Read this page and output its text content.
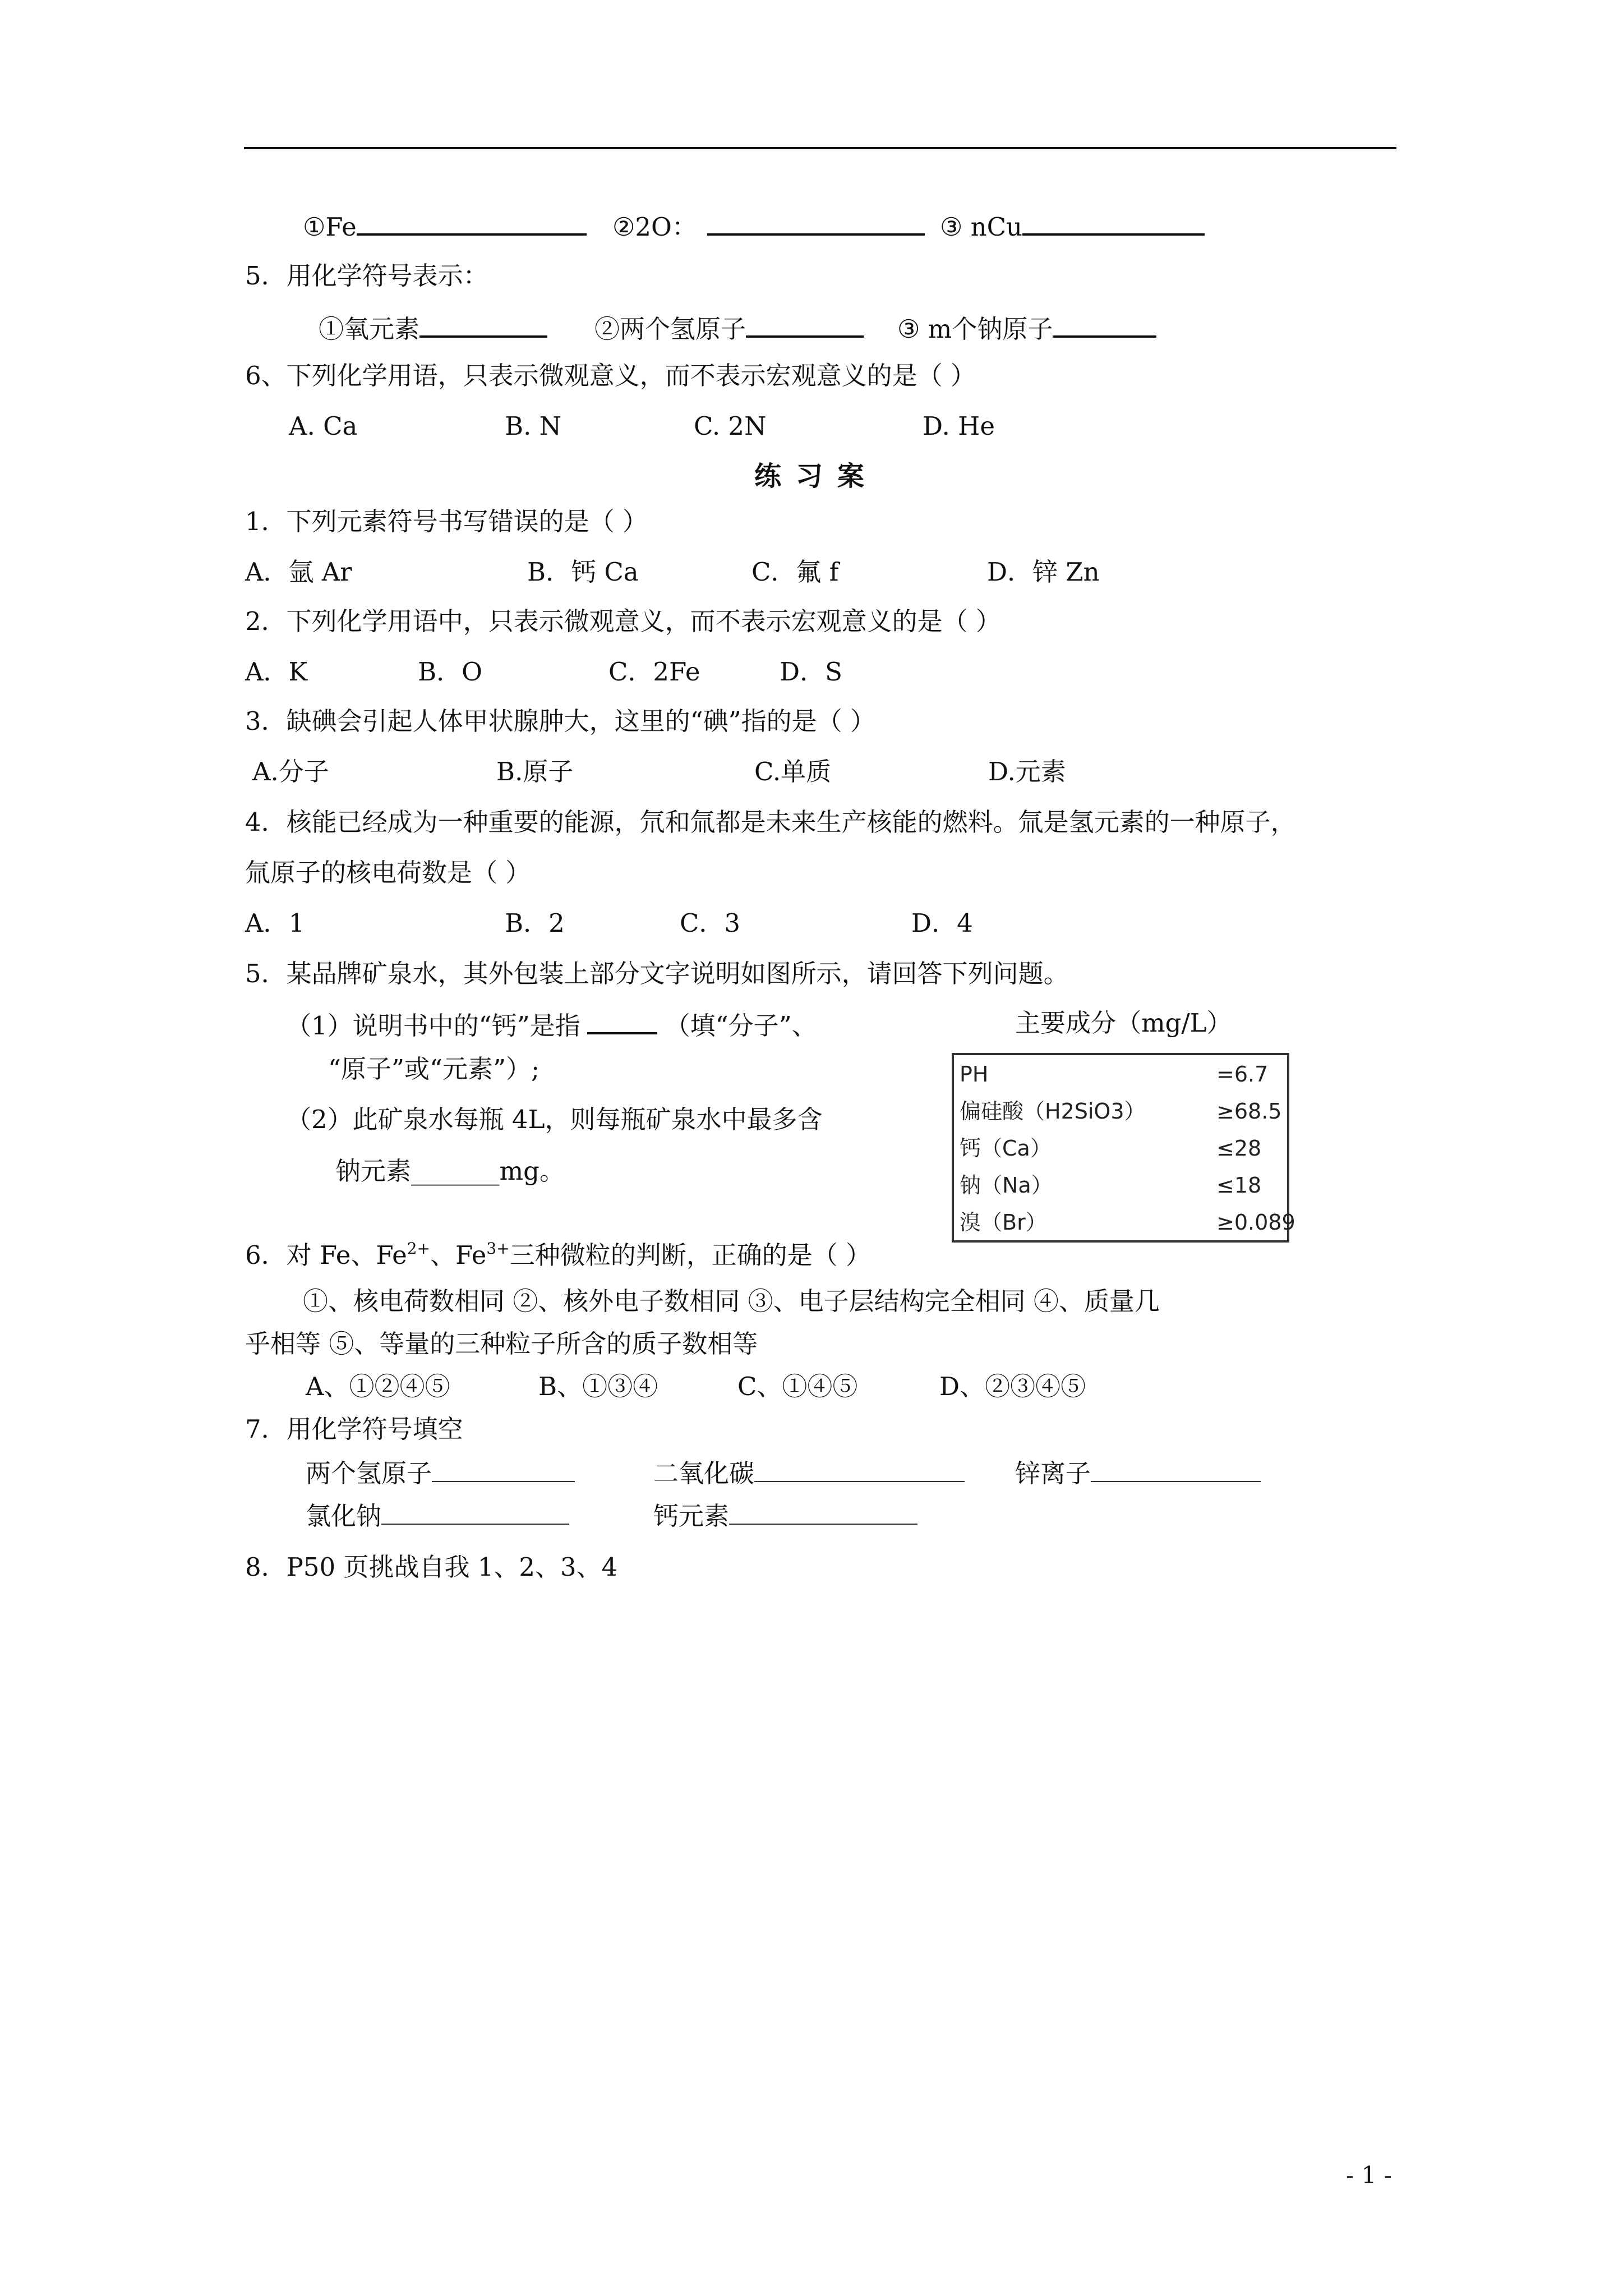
①Fe	②2O：	③ nCu
5．用化学符号表示：
①氧元素	②两个氢原子	③ m个钠原子
6、下列化学用语，只表示微观意义，而不表示宏观意义的是（ ）
A. Ca	B. N	C. 2N	D. He
练习案
1．下列元素符号书写错误的是（ ）
A．氩 Ar	B．钙 Ca	C．氟 f	D．锌 Zn
2．下列化学用语中，只表示微观意义，而不表示宏观意义的是（ ）
A．K	B．O	C．2Fe	D．S
3．缺碘会引起人体甲状腺肿大，这里的“碘”指的是（ ）
A.分子	B.原子	C.单质	D.元素
4．核能已经成为一种重要的能源，氘和氚都是未来生产核能的燃料。氚是氢元素的一种原子，
氚原子的核电荷数是（ ）
A．1	B．2	C．3	D．4
5．某品牌矿泉水，其外包装上部分文字说明如图所示，请回答下列问题。
（1）说明书中的“钙”是指	（填“分子”、	主要成分（mg/L）
“原子”或“元素”）;
（2）此矿泉水每瓶 4L，则每瓶矿泉水中最多含
钠元素_______mg。
PH	=6.7
偏硅酸（H2SiO3）	≥68.5
钙（Ca）	≤28
钠（Na）	≤18
溴（Br）	≥0.089
6．对 Fe、$Fe^{2+}$、$Fe^{3+}$三种微粒的判断，正确的是（ ）
①、核电荷数相同 ②、核外电子数相同 ③、电子层结构完全相同 ④、质量几
乎相等 ⑤、等量的三种粒子所含的质子数相等
A、①②④⑤	B、①③④	C、①④⑤	D、②③④⑤
7．用化学符号填空
两个氢原子	二氧化碳	锌离子
氯化钠	钙元素
8．P50 页挑战自我 1、2、3、4
- 1 -
